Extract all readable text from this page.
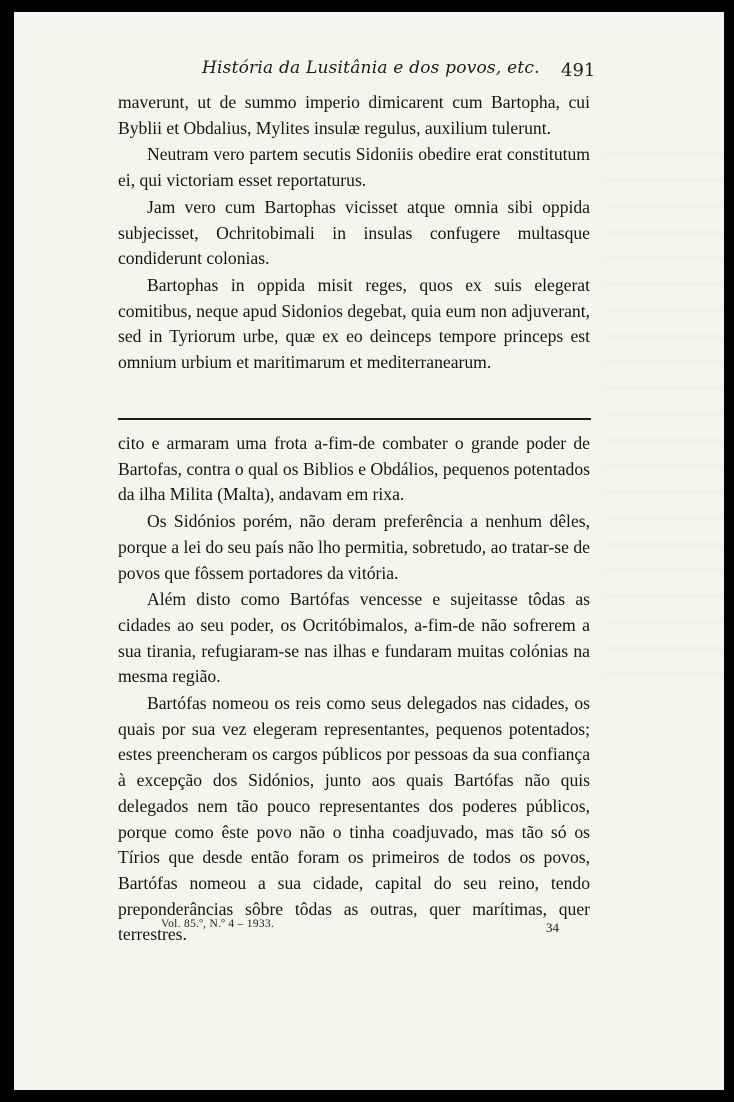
História da Lusitânia e dos povos, etc. 491

maverunt, ut de summo imperio dimicarent cum Bartopha, cui Byblii et Obdalius, Mylites insulæ regulus, auxilium tulerunt.

Neutram vero partem secutis Sidoniis obedire erat constitutum ei, qui victoriam esset reportaturus.

Jam vero cum Bartophas vicisset atque omnia sibi oppida subjecisset, Ochritobimali in insulas confugere multasque condiderunt colonias.

Bartophas in oppida misit reges, quos ex suis elegerat comitibus, neque apud Sidonios degebat, quia eum non adjuverant, sed in Tyriorum urbe, quæ ex eo deinceps tempore princeps est omnium urbium et maritimarum et mediterranearum.

cito e armaram uma frota a-fim-de combater o grande poder de Bartofas, contra o qual os Biblios e Obdálios, pequenos potentados da ilha Milita (Malta), andavam em rixa.

Os Sidónios porém, não deram preferência a nenhum dêles, porque a lei do seu país não lho permitia, sobretudo, ao tratar-se de povos que fôssem portadores da vitória.

Além disto como Bartófas vencesse e sujeitasse tôdas as cidades ao seu poder, os Ocritóbimalos, a-fim-de não sofrerem a sua tirania, refugiaram-se nas ilhas e fundaram muitas colónias na mesma região.

Bartófas nomeou os reis como seus delegados nas cidades, os quais por sua vez elegeram representantes, pequenos potentados; estes preencheram os cargos públicos por pessoas da sua confiança à excepção dos Sidónios, junto aos quais Bartófas não quis delegados nem tão pouco representantes dos poderes públicos, porque como êste povo não o tinha coadjuvado, mas tão só os Tírios que desde então foram os primeiros de todos os povos, Bartófas nomeou a sua cidade, capital do seu reino, tendo preponderâncias sôbre tôdas as outras, quer marítimas, quer terrestres.

Vol. 85.º, N.º 4 – 1933.	34
